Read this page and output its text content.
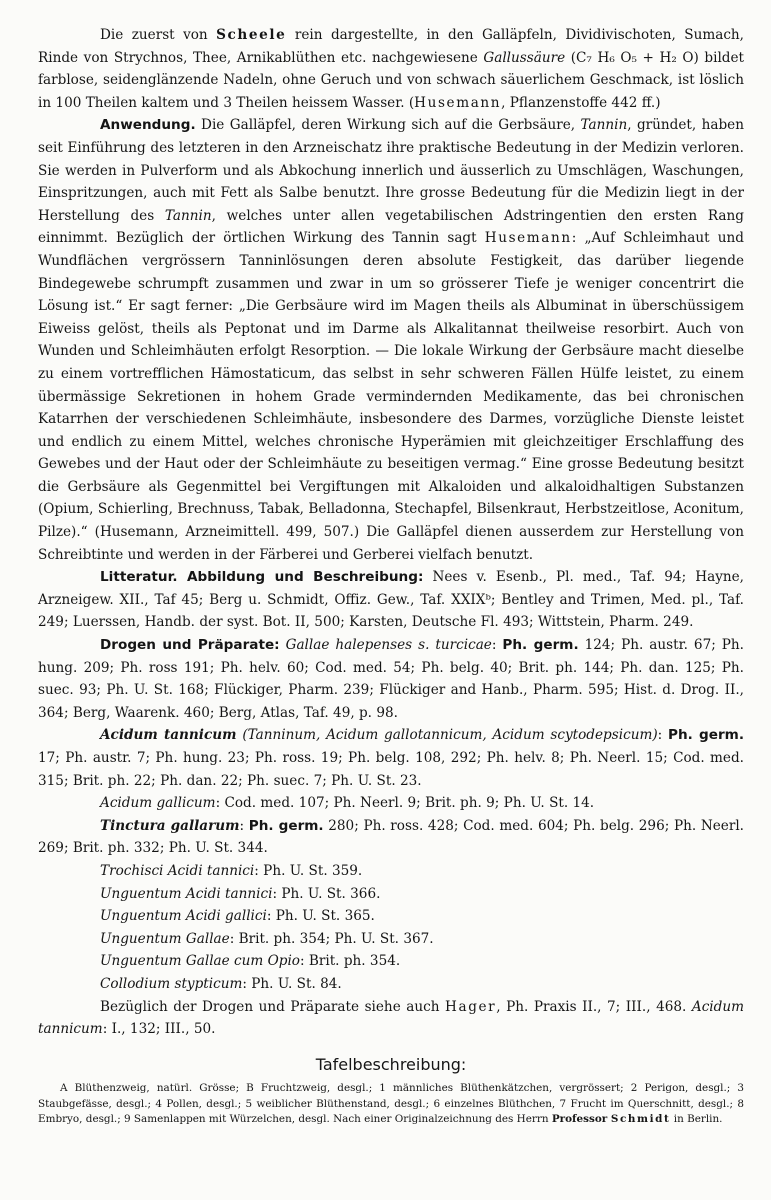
Die zuerst von Scheele rein dargestellte, in den Galläpfeln, Dividivischoten, Sumach, Rinde von Strychnos, Thee, Arnikablüthen etc. nachgewiesene Gallussäure (C₇ H₆ O₅ + H₂ O) bildet farblose, seidenglänzende Nadeln, ohne Geruch und von schwach säuerlichem Geschmack, ist löslich in 100 Theilen kaltem und 3 Theilen heissem Wasser. (Husemann, Pflanzenstoffe 442 ff.)

Anwendung. Die Galläpfel, deren Wirkung sich auf die Gerbsäure, Tannin, gründet, haben seit Einführung des letzteren in den Arzneischatz ihre praktische Bedeutung in der Medizin verloren. Sie werden in Pulverform und als Abkochung innerlich und äusserlich zu Umschlägen, Waschungen, Einspritzungen, auch mit Fett als Salbe benutzt. Ihre grosse Bedeutung für die Medizin liegt in der Herstellung des Tannin, welches unter allen vegetabilischen Adstringentien den ersten Rang einnimmt. Bezüglich der örtlichen Wirkung des Tannin sagt Husemann: „Auf Schleimhaut und Wundflächen vergrössern Tanninlösungen deren absolute Festigkeit, das darüber liegende Bindegewebe schrumpft zusammen und zwar in um so grösserer Tiefe je weniger concentrirt die Lösung ist.“ Er sagt ferner: „Die Gerbsäure wird im Magen theils als Albuminat in überschüssigem Eiweiss gelöst, theils als Peptonat und im Darme als Alkalitannat theilweise resorbirt. Auch von Wunden und Schleimhäuten erfolgt Resorption. — Die lokale Wirkung der Gerbsäure macht dieselbe zu einem vortrefflichen Hämostaticum, das selbst in sehr schweren Fällen Hülfe leistet, zu einem übermässige Sekretionen in hohem Grade vermindernden Medikamente, das bei chronischen Katarrhen der verschiedenen Schleimhäute, insbesondere des Darmes, vorzügliche Dienste leistet und endlich zu einem Mittel, welches chronische Hyperämien mit gleichzeitiger Erschlaffung des Gewebes und der Haut oder der Schleimhäute zu beseitigen vermag.“ Eine grosse Bedeutung besitzt die Gerbsäure als Gegenmittel bei Vergiftungen mit Alkaloiden und alkaloidhaltigen Substanzen (Opium, Schierling, Brechnuss, Tabak, Belladonna, Stechapfel, Bilsenkraut, Herbstzeitlose, Aconitum, Pilze).“ (Husemann, Arzneimittell. 499, 507.) Die Galläpfel dienen ausserdem zur Herstellung von Schreibtinte und werden in der Färberei und Gerberei vielfach benutzt.

Litteratur. Abbildung und Beschreibung: Nees v. Esenb., Pl. med., Taf. 94; Hayne, Arzneigew. XII., Taf 45; Berg u. Schmidt, Offiz. Gew., Taf. XXIXᵇ; Bentley and Trimen, Med. pl., Taf. 249; Luerssen, Handb. der syst. Bot. II, 500; Karsten, Deutsche Fl. 493; Wittstein, Pharm. 249.

Drogen und Präparate: Gallae halepenses s. turcicae: Ph. germ. 124; Ph. austr. 67; Ph. hung. 209; Ph. ross 191; Ph. helv. 60; Cod. med. 54; Ph. belg. 40; Brit. ph. 144; Ph. dan. 125; Ph. suec. 93; Ph. U. St. 168; Flückiger, Pharm. 239; Flückiger and Hanb., Pharm. 595; Hist. d. Drog. II., 364; Berg, Waarenk. 460; Berg, Atlas, Taf. 49, p. 98.

Acidum tannicum (Tanninum, Acidum gallotannicum, Acidum scytodepsicum): Ph. germ. 17; Ph. austr. 7; Ph. hung. 23; Ph. ross. 19; Ph. belg. 108, 292; Ph. helv. 8; Ph. Neerl. 15; Cod. med. 315; Brit. ph. 22; Ph. dan. 22; Ph. suec. 7; Ph. U. St. 23.

Acidum gallicum: Cod. med. 107; Ph. Neerl. 9; Brit. ph. 9; Ph. U. St. 14.

Tinctura gallarum: Ph. germ. 280; Ph. ross. 428; Cod. med. 604; Ph. belg. 296; Ph. Neerl. 269; Brit. ph. 332; Ph. U. St. 344.

Trochisci Acidi tannici: Ph. U. St. 359.

Unguentum Acidi tannici: Ph. U. St. 366.

Unguentum Acidi gallici: Ph. U. St. 365.

Unguentum Gallae: Brit. ph. 354; Ph. U. St. 367.

Unguentum Gallae cum Opio: Brit. ph. 354.

Collodium stypticum: Ph. U. St. 84.

Bezüglich der Drogen und Präparate siehe auch Hager, Ph. Praxis II., 7; III., 468. Acidum tannicum: I., 132; III., 50.

Tafelbeschreibung:

A Blüthenzweig, natürl. Grösse; B Fruchtzweig, desgl.; 1 männliches Blüthenkätzchen, vergrössert; 2 Perigon, desgl.; 3 Staubgefässe, desgl.; 4 Pollen, desgl.; 5 weiblicher Blüthenstand, desgl.; 6 einzelnes Blüthchen, 7 Frucht im Querschnitt, desgl.; 8 Embryo, desgl.; 9 Samenlappen mit Würzelchen, desgl. Nach einer Originalzeichnung des Herrn Professor Schmidt in Berlin.
